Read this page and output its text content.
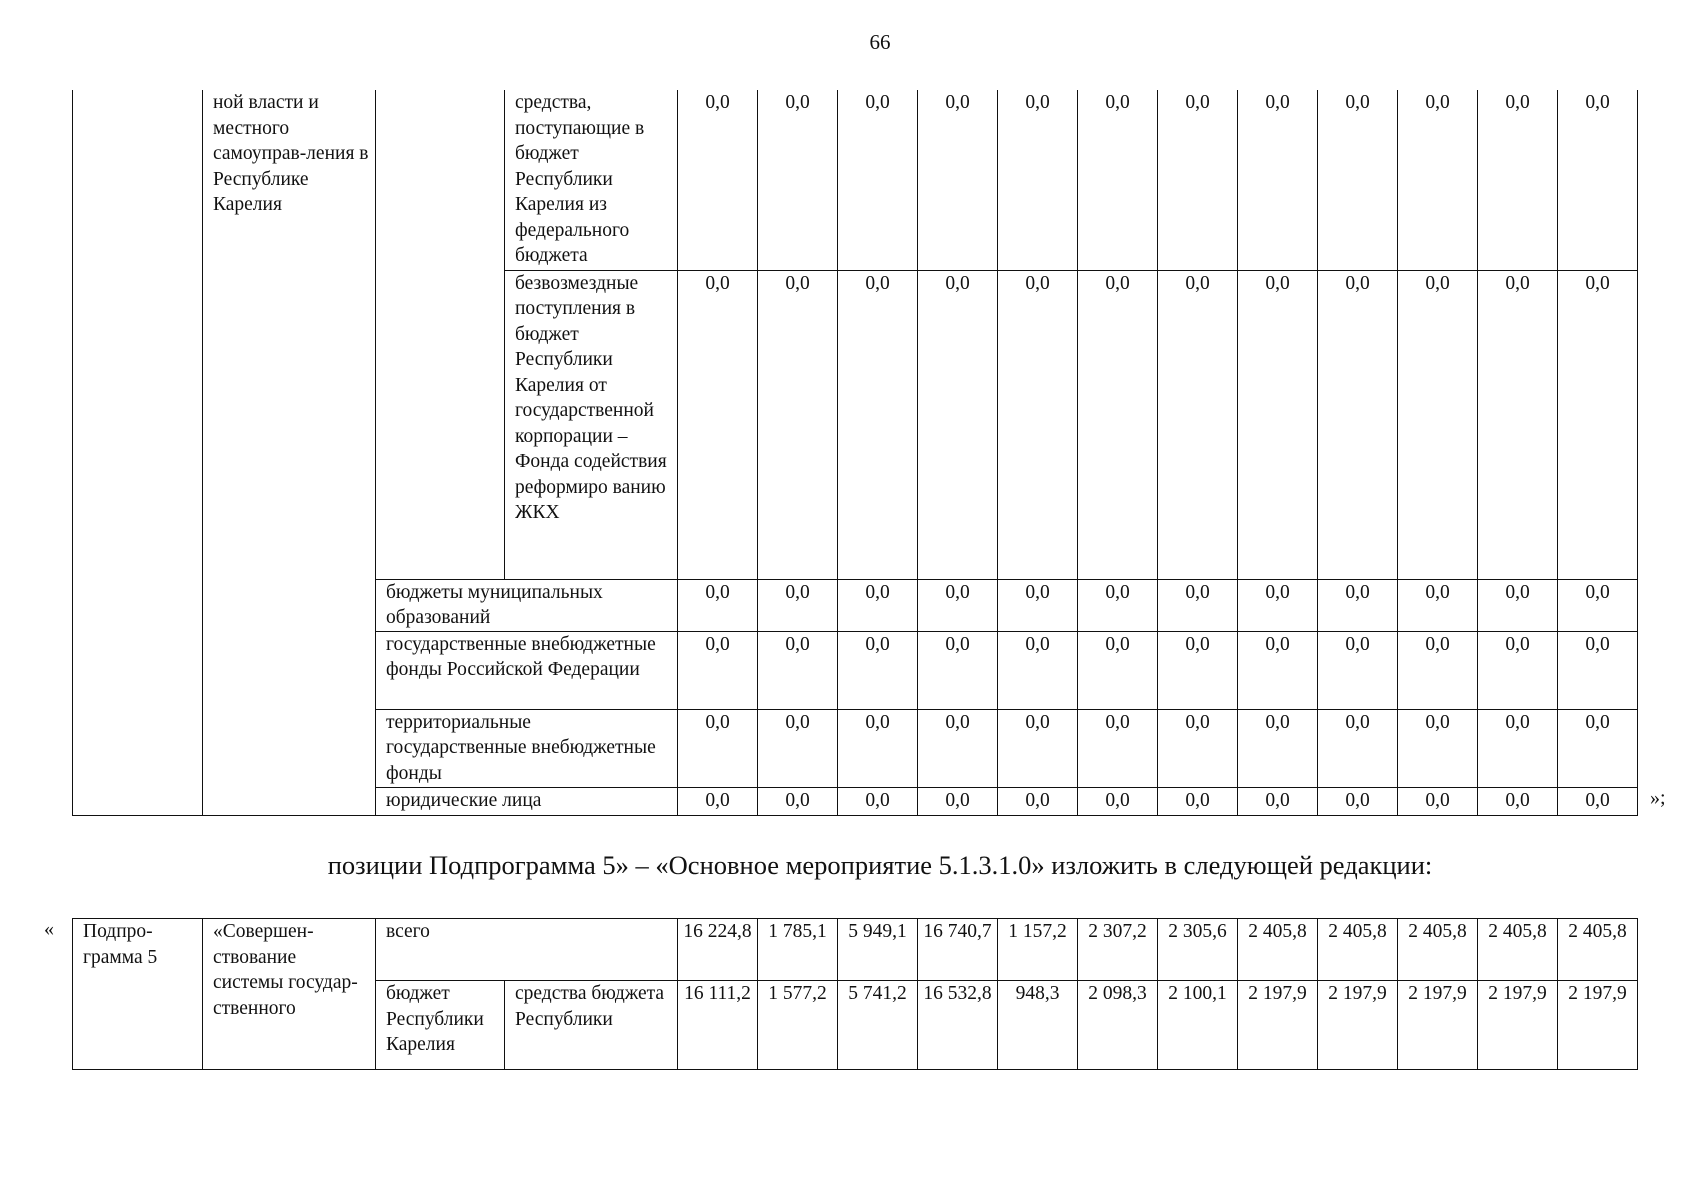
66
	ной власти и местного самоуправ-ления в Республике Карелия		средства, поступающие в бюджет Республики Карелия из федерального бюджета	0,0	0,0	0,0	0,0	0,0	0,0	0,0	0,0	0,0	0,0	0,0	0,0
			безвозмездные поступления в бюджет Республики Карелия от государственной корпорации – Фонда содействия реформиро ванию ЖКХ	0,0	0,0	0,0	0,0	0,0	0,0	0,0	0,0	0,0	0,0	0,0	0,0
		бюджеты муниципальных образований		0,0	0,0	0,0	0,0	0,0	0,0	0,0	0,0	0,0	0,0	0,0	0,0
		государственные внебюджетные фонды Российской Федерации		0,0	0,0	0,0	0,0	0,0	0,0	0,0	0,0	0,0	0,0	0,0	0,0
		территориальные государственные внебюджетные фонды		0,0	0,0	0,0	0,0	0,0	0,0	0,0	0,0	0,0	0,0	0,0	0,0
		юридические лица		0,0	0,0	0,0	0,0	0,0	0,0	0,0	0,0	0,0	0,0	0,0	0,0 »;
позиции Подпрограмма 5» – «Основное мероприятие 5.1.3.1.0» изложить в следующей редакции:
« Подпро-грамма 5	«Совершен-ствование системы государ-ственного	всего		16 224,8	1 785,1	5 949,1	16 740,7	1 157,2	2 307,2	2 305,6	2 405,8	2 405,8	2 405,8	2 405,8	2 405,8
		бюджет Республики Карелия	средства бюджета Республики	16 111,2	1 577,2	5 741,2	16 532,8	948,3	2 098,3	2 100,1	2 197,9	2 197,9	2 197,9	2 197,9	2 197,9
